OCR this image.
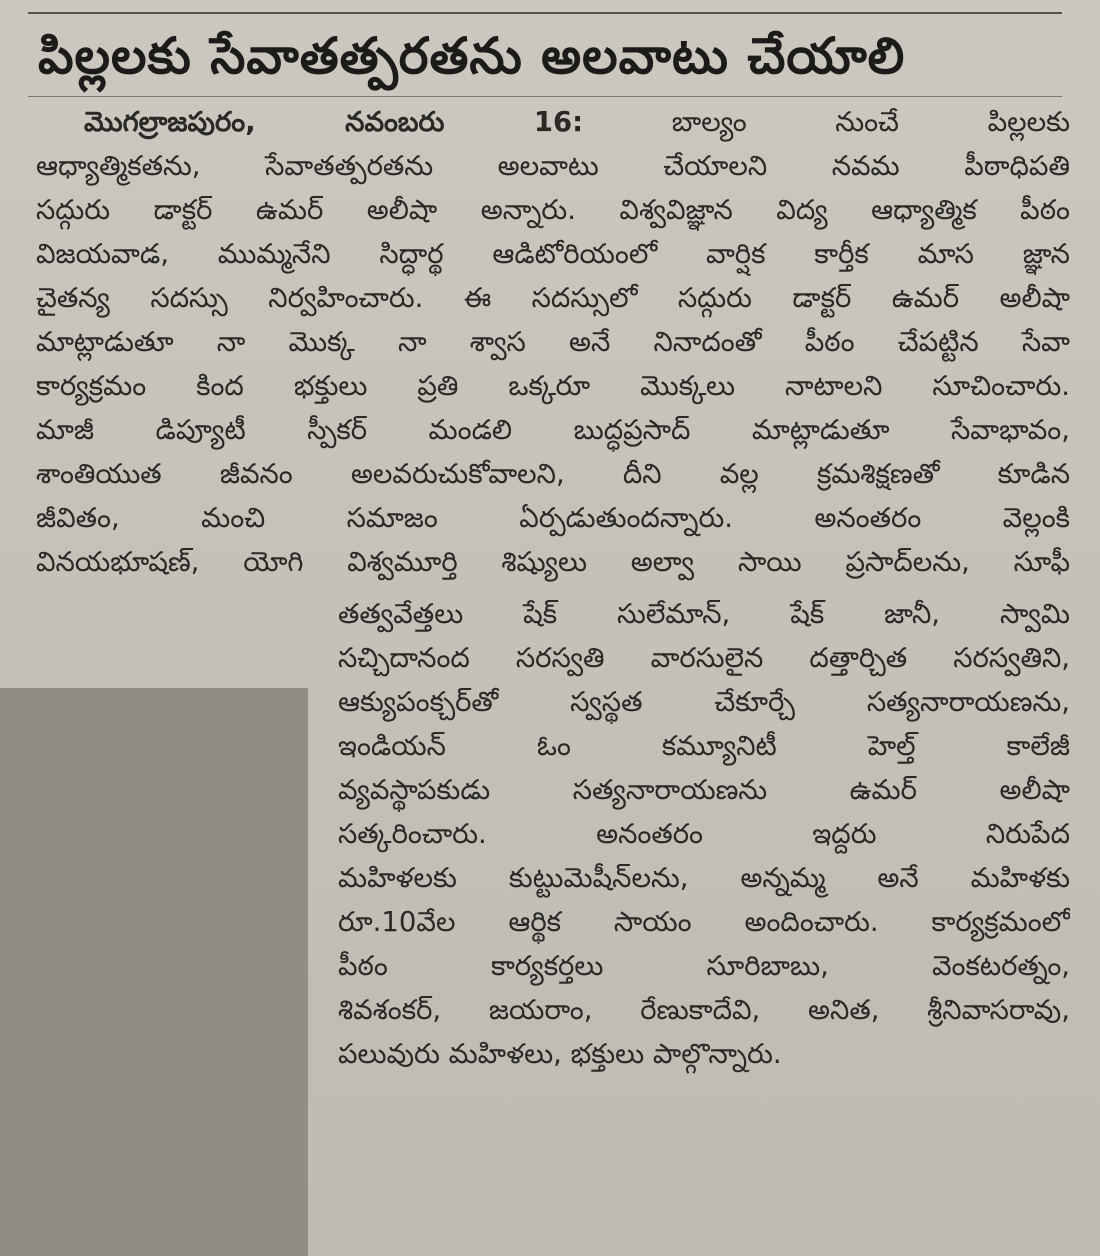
పిల్లలకు సేవాతత్పరతను అలవాటు చేయాలి
మొగల్రాజపురం, నవంబరు 16:	బాల్యం నుంచే పిల్లలకు
ఆధ్యాత్మికతను, సేవాతత్పరతను అలవాటు చేయాలని నవమ పీఠాధిపతి
సద్గురు డాక్టర్ ఉమర్ అలీషా అన్నారు. విశ్వవిజ్ఞాన విద్య ఆధ్యాత్మిక పీఠం
విజయవాడ, ముమ్మనేని సిద్ధార్థ ఆడిటోరియంలో వార్షిక కార్తీక మాస జ్ఞాన
చైతన్య సదస్సు నిర్వహించారు. ఈ సదస్సులో సద్గురు డాక్టర్ ఉమర్ అలీషా
మాట్లాడుతూ నా మొక్క నా శ్వాస అనే నినాదంతో పీఠం చేపట్టిన సేవా
కార్యక్రమం కింద భక్తులు ప్రతి ఒక్కరూ మొక్కలు నాటాలని సూచించారు.
మాజీ డిప్యూటీ స్పీకర్ మండలి బుద్ధప్రసాద్ మాట్లాడుతూ సేవాభావం,
శాంతియుత జీవనం అలవరుచుకోవాలని, దీని వల్ల క్రమశిక్షణతో కూడిన
జీవితం, మంచి సమాజం ఏర్పడుతుందన్నారు. అనంతరం వెల్లంకి
వినయభూషణ్, యోగి విశ్వమూర్తి శిష్యులు అల్వా సాయి ప్రసాద్‌లను, సూఫీ
తత్వవేత్తలు షేక్ సులేమాన్, షేక్ జానీ, స్వామి
సచ్చిదానంద సరస్వతి వారసులైన దత్తార్చిత సరస్వతిని,
ఆక్యుపంక్చర్‌తో స్వస్థత చేకూర్చే సత్యనారాయణను,
ఇండియన్ ఓం కమ్యూనిటీ హెల్త్ కాలేజీ
వ్యవస్థాపకుడు సత్యనారాయణను ఉమర్ అలీషా
సత్కరించారు. అనంతరం ఇద్దరు నిరుపేద
మహిళలకు కుట్టుమెషీన్‌లను, అన్నమ్మ అనే మహిళకు
రూ.10వేల ఆర్థిక సాయం అందించారు. కార్యక్రమంలో
పీఠం కార్యకర్తలు సూరిబాబు, వెంకటరత్నం,
శివశంకర్, జయరాం, రేణుకాదేవి, అనిత, శ్రీనివాసరావు,
పలువురు మహిళలు, భక్తులు పాల్గొన్నారు.
